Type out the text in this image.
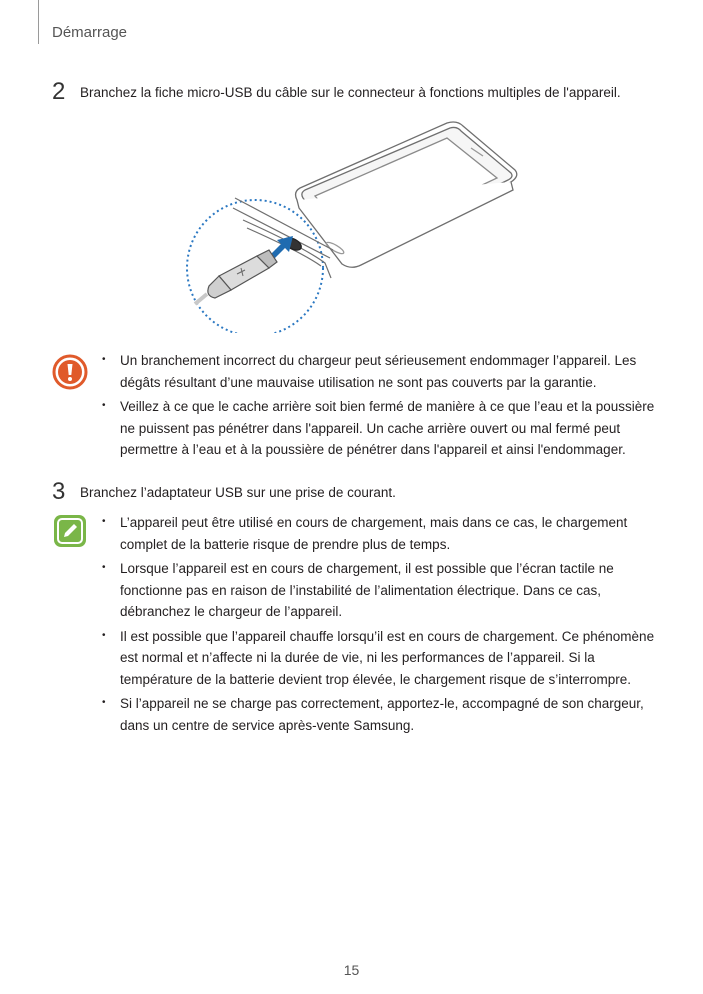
Démarrage
2 Branchez la fiche micro-USB du câble sur le connecteur à fonctions multiples de l'appareil.
• Un branchement incorrect du chargeur peut sérieusement endommager l’appareil. Les dégâts résultant d’une mauvaise utilisation ne sont pas couverts par la garantie.
• Veillez à ce que le cache arrière soit bien fermé de manière à ce que l’eau et la poussière ne puissent pas pénétrer dans l'appareil. Un cache arrière ouvert ou mal fermé peut permettre à l’eau et à la poussière de pénétrer dans l'appareil et ainsi l'endommager.
3 Branchez l’adaptateur USB sur une prise de courant.
• L’appareil peut être utilisé en cours de chargement, mais dans ce cas, le chargement complet de la batterie risque de prendre plus de temps.
• Lorsque l’appareil est en cours de chargement, il est possible que l’écran tactile ne fonctionne pas en raison de l’instabilité de l’alimentation électrique. Dans ce cas, débranchez le chargeur de l’appareil.
• Il est possible que l’appareil chauffe lorsqu’il est en cours de chargement. Ce phénomène est normal et n’affecte ni la durée de vie, ni les performances de l’appareil. Si la température de la batterie devient trop élevée, le chargement risque de s’interrompre.
• Si l’appareil ne se charge pas correctement, apportez-le, accompagné de son chargeur, dans un centre de service après-vente Samsung.
15
